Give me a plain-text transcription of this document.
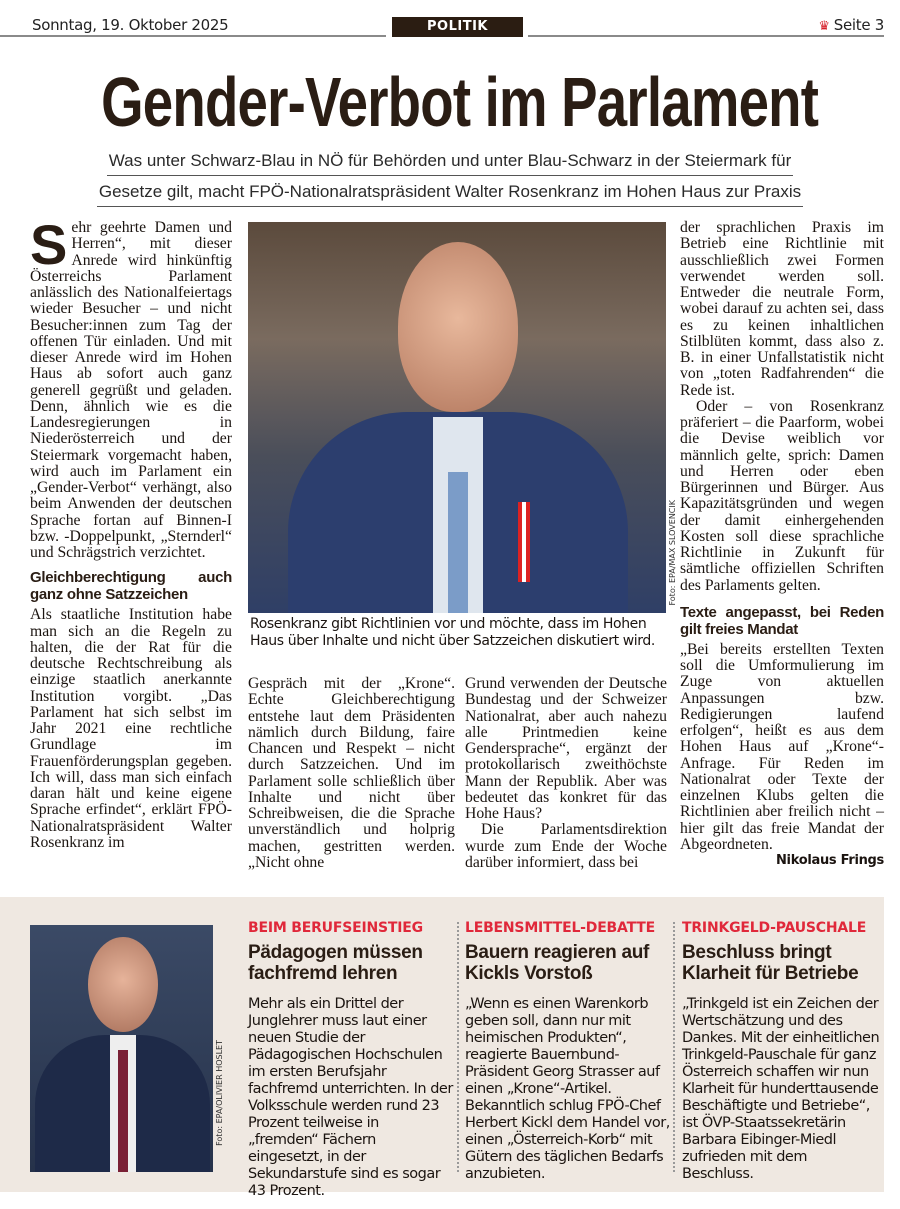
Sonntag, 19. Oktober 2025	POLITIK	♛ Seite 3
Gender-Verbot im Parlament
Was unter Schwarz-Blau in NÖ für Behörden und unter Blau-Schwarz in der Steiermark für
Gesetze gilt, macht FPÖ-Nationalratspräsident Walter Rosenkranz im Hohen Haus zur Praxis
S ehr geehrte Damen und Herren“, mit dieser Anrede wird hinkünftig Österreichs Parlament anlässlich des Nationalfeiertags wieder Besucher – und nicht Besucher:innen zum Tag der offenen Tür einladen. Und mit dieser Anrede wird im Hohen Haus ab sofort auch ganz generell gegrüßt und geladen. Denn, ähnlich wie es die Landesregierungen in Niederösterreich und der Steiermark vorgemacht haben, wird auch im Parlament ein „Gender-Verbot“ verhängt, also beim Anwenden der deutschen Sprache fortan auf Binnen-I bzw. -Doppelpunkt, „Sternderl“ und Schrägstrich verzichtet.

Gleichberechtigung auch ganz ohne Satzzeichen

Als staatliche Institution habe man sich an die Regeln zu halten, die der Rat für die deutsche Rechtschreibung als einzige staatlich anerkannte Institution vorgibt. „Das Parlament hat sich selbst im Jahr 2021 eine rechtliche Grundlage im Frauenförderungsplan gegeben. Ich will, dass man sich einfach daran hält und keine eigene Sprache erfindet“, erklärt FPÖ-Nationalratspräsident Walter Rosenkranz im

Foto: EPA/MAX SLOVENCIK
Rosenkranz gibt Richtlinien vor und möchte, dass im Hohen Haus über Inhalte und nicht über Satzzeichen diskutiert wird.

Gespräch mit der „Krone“. Echte Gleichberechtigung entstehe laut dem Präsidenten nämlich durch Bildung, faire Chancen und Respekt – nicht durch Satzzeichen. Und im Parlament solle schließlich über Inhalte und nicht über Schreibweisen, die die Sprache unverständlich und holprig machen, gestritten werden. „Nicht ohne

Grund verwenden der Deutsche Bundestag und der Schweizer Nationalrat, aber auch nahezu alle Printmedien keine Gendersprache“, ergänzt der protokollarisch zweithöchste Mann der Republik. Aber was bedeutet das konkret für das Hohe Haus?

Die Parlamentsdirektion wurde zum Ende der Woche darüber informiert, dass bei

der sprachlichen Praxis im Betrieb eine Richtlinie mit ausschließlich zwei Formen verwendet werden soll. Entweder die neutrale Form, wobei darauf zu achten sei, dass es zu keinen inhaltlichen Stilblüten kommt, dass also z. B. in einer Unfallstatistik nicht von „toten Radfahrenden“ die Rede ist.

Oder – von Rosenkranz präferiert – die Paarform, wobei die Devise weiblich vor männlich gelte, sprich: Damen und Herren oder eben Bürgerinnen und Bürger. Aus Kapazitätsgründen und wegen der damit einhergehenden Kosten soll diese sprachliche Richtlinie in Zukunft für sämtliche offiziellen Schriften des Parlaments gelten.

Texte angepasst, bei Reden gilt freies Mandat

„Bei bereits erstellten Texten soll die Umformulierung im Zuge von aktuellen Anpassungen bzw. Redigierungen laufend erfolgen“, heißt es aus dem Hohen Haus auf „Krone“-Anfrage. Für Reden im Nationalrat oder Texte der einzelnen Klubs gelten die Richtlinien aber freilich nicht – hier gilt das freie Mandat der Abgeordneten.

Nikolaus Frings
Foto: EPA/OLIVIER HOSLET
BEIM BERUFSEINSTIEG
Pädagogen müssen fachfremd lehren
Mehr als ein Drittel der Junglehrer muss laut einer neuen Studie der Pädagogischen Hochschulen im ersten Berufsjahr fachfremd unterrichten. In der Volksschule werden rund 23 Prozent teilweise in „fremden“ Fächern eingesetzt, in der Sekundarstufe sind es sogar 43 Prozent.
LEBENSMITTEL-DEBATTE
Bauern reagieren auf Kickls Vorstoß
„Wenn es einen Warenkorb geben soll, dann nur mit heimischen Produkten“, reagierte Bauernbund-Präsident Georg Strasser auf einen „Krone“-Artikel. Bekanntlich schlug FPÖ-Chef Herbert Kickl dem Handel vor, einen „Österreich-Korb“ mit Gütern des täglichen Bedarfs anzubieten.
TRINKGELD-PAUSCHALE
Beschluss bringt Klarheit für Betriebe
„Trinkgeld ist ein Zeichen der Wertschätzung und des Dankes. Mit der einheitlichen Trinkgeld-Pauschale für ganz Österreich schaffen wir nun Klarheit für hunderttausende Beschäftigte und Betriebe“, ist ÖVP-Staatssekretärin Barbara Eibinger-Miedl zufrieden mit dem Beschluss.
